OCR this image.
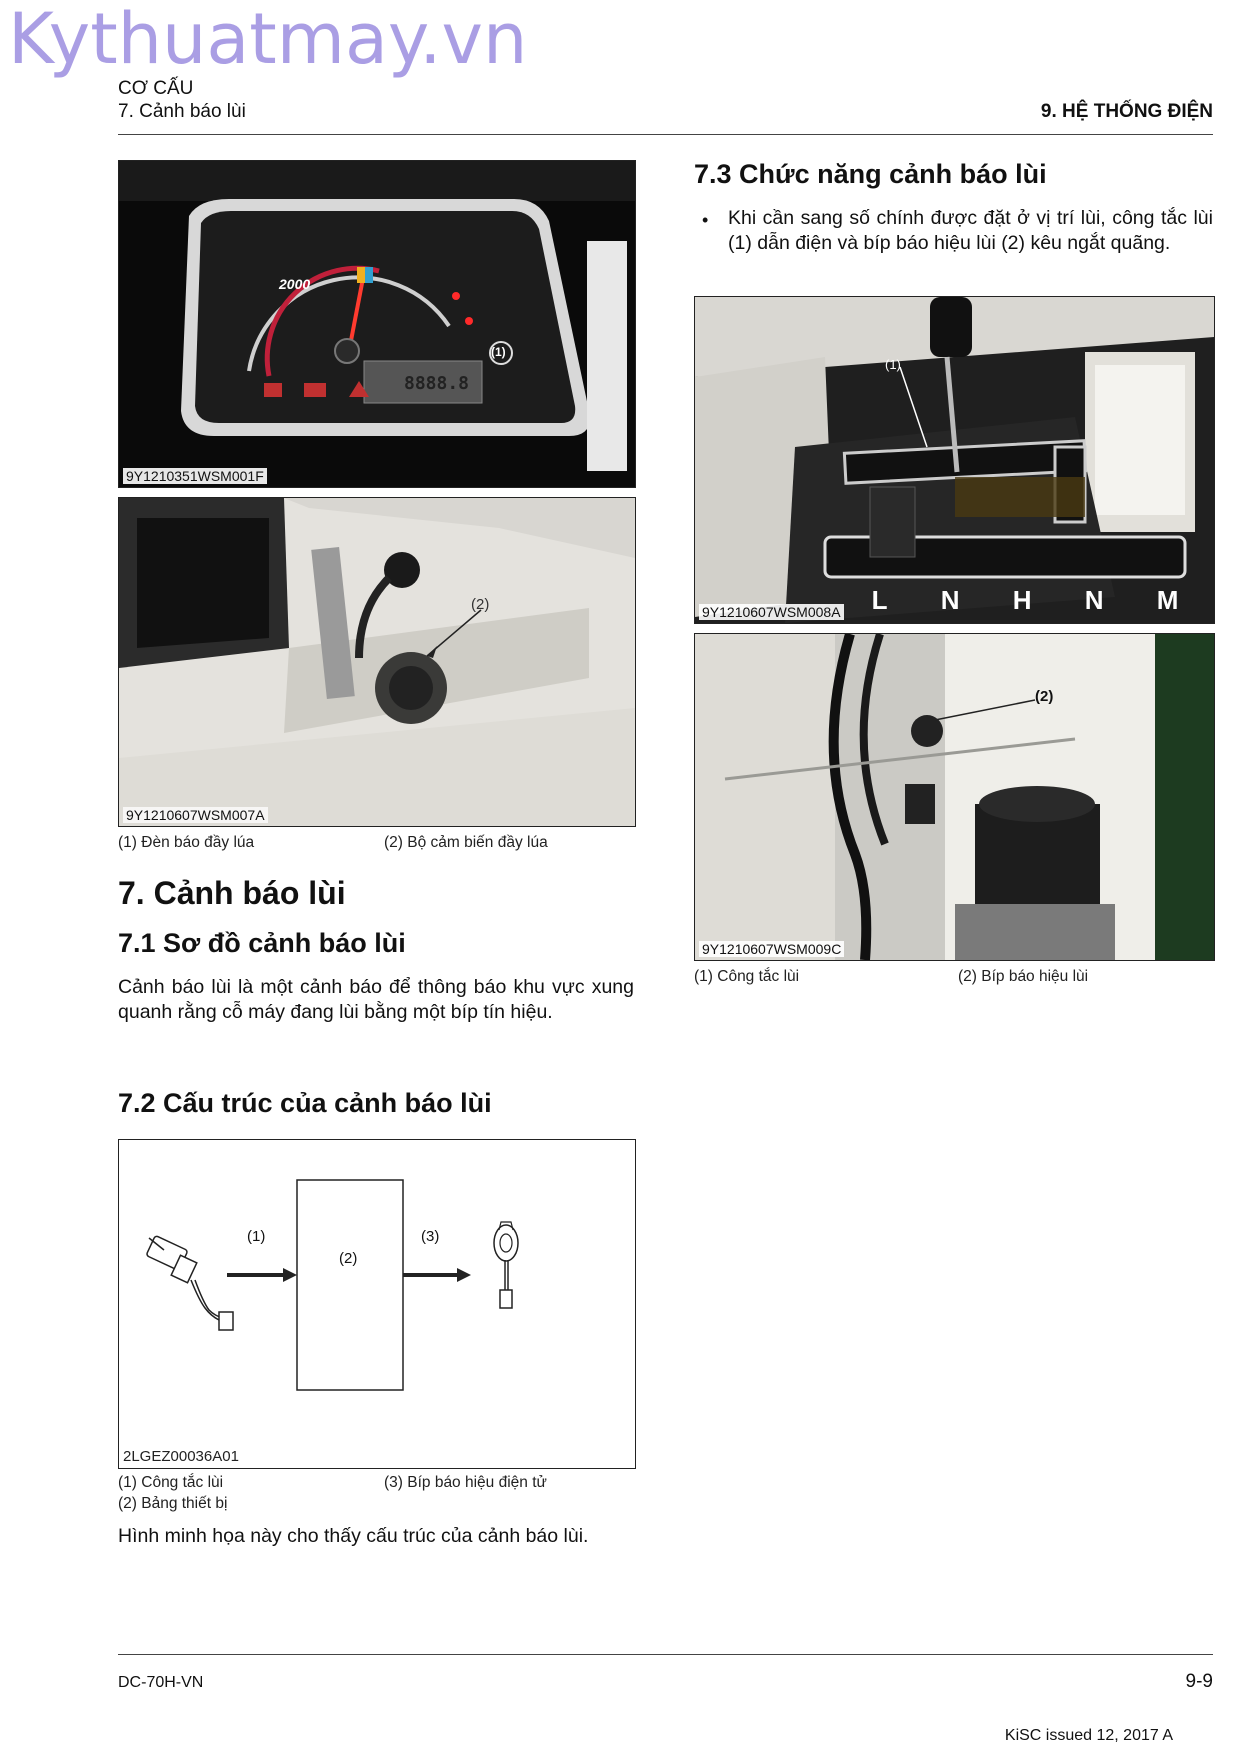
Kythuatmay.vn
CƠ CẤU
7. Cảnh báo lùi	9. HỆ THỐNG ĐIỆN
2000
8888.8
(1)
9Y1210351WSM001F
(2)
9Y1210607WSM007A
(1) Đèn báo đầy lúa	(2) Bộ cảm biến đầy lúa
7. Cảnh báo lùi
7.1 Sơ đồ cảnh báo lùi
Cảnh báo lùi là một cảnh báo để thông báo khu vực xung quanh rằng cỗ máy đang lùi bằng một bíp tín hiệu.
7.2 Cấu trúc của cảnh báo lùi
(1)
(2)
(3)
2LGEZ00036A01
(1) Công tắc lùi
(2) Bảng thiết bị
(3) Bíp báo hiệu điện tử
Hình minh họa này cho thấy cấu trúc của cảnh báo lùi.
7.3 Chức năng cảnh báo lùi
• Khi cần sang số chính được đặt ở vị trí lùi, công tắc lùi (1) dẫn điện và bíp báo hiệu lùi (2) kêu ngắt quãng.
(1)
L N H N M
9Y1210607WSM008A
(2)
9Y1210607WSM009C
(1) Công tắc lùi	(2) Bíp báo hiệu lùi
DC-70H-VN	9-9
KiSC issued 12, 2017 A
